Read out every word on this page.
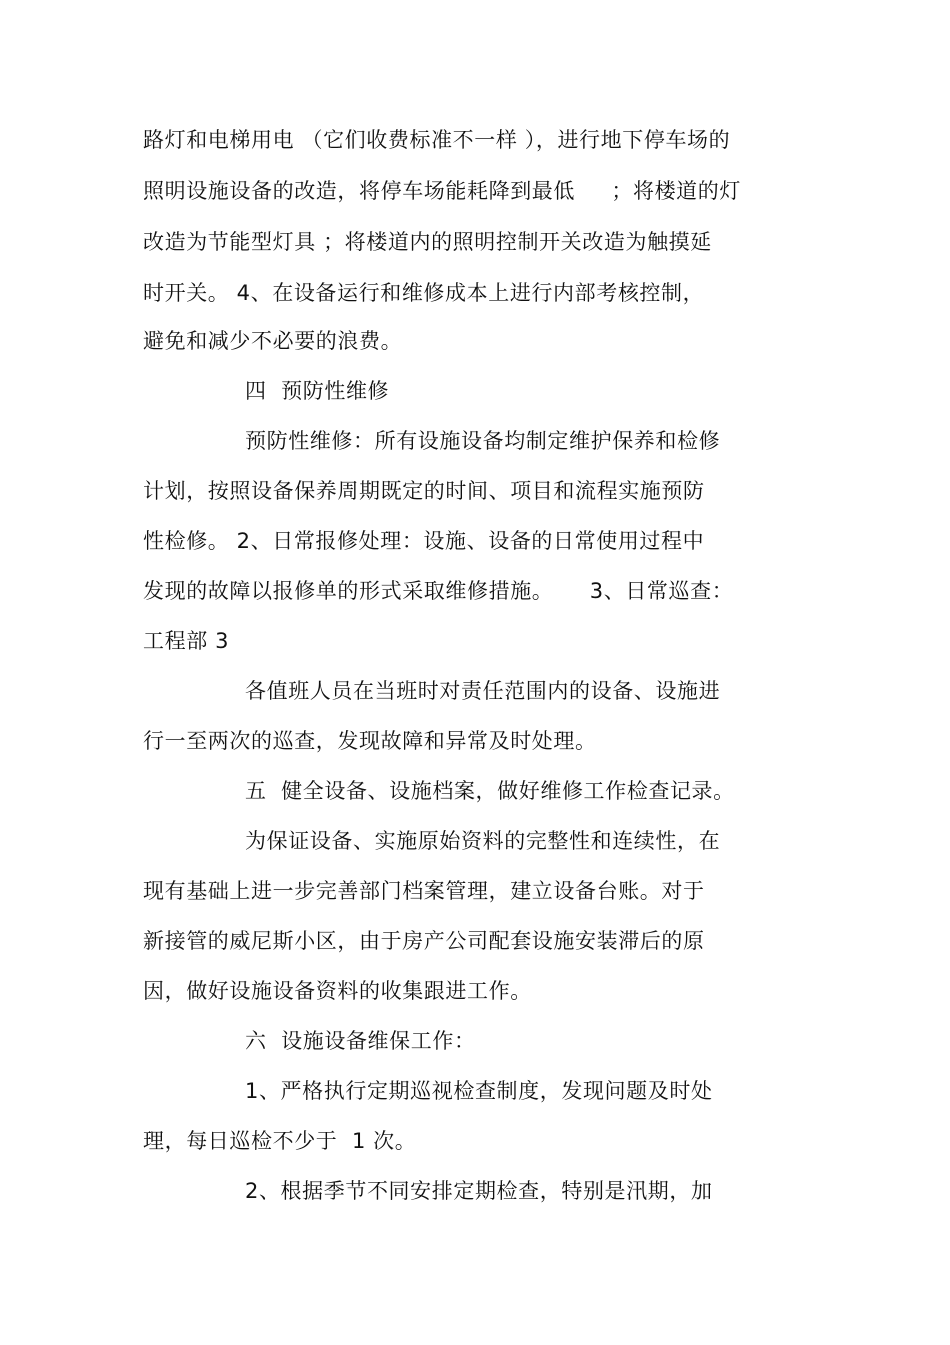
路灯和电梯用电 （它们收费标准不一样 ），进行地下停车场的
照明设施设备的改造，将停车场能耗降到最低     ；将楼道的灯
改造为节能型灯具 ；将楼道内的照明控制开关改造为触摸延
时开关。 4、在设备运行和维修成本上进行内部考核控制，
避免和减少不必要的浪费。
四  预防性维修
预防性维修：所有设施设备均制定维护保养和检修
计划，按照设备保养周期既定的时间、项目和流程实施预防
性检修。 2、日常报修处理：设施、设备的日常使用过程中
发现的故障以报修单的形式采取维修措施。     3、日常巡查：
工程部 3
各值班人员在当班时对责任范围内的设备、设施进
行一至两次的巡查，发现故障和异常及时处理。
五  健全设备、设施档案，做好维修工作检查记录。
为保证设备、实施原始资料的完整性和连续性，在
现有基础上进一步完善部门档案管理，建立设备台账。对于
新接管的威尼斯小区，由于房产公司配套设施安装滞后的原
因，做好设施设备资料的收集跟进工作。
六  设施设备维保工作：
1、严格执行定期巡视检查制度，发现问题及时处
理，每日巡检不少于  1 次。
2、根据季节不同安排定期检查，特别是汛期，加
